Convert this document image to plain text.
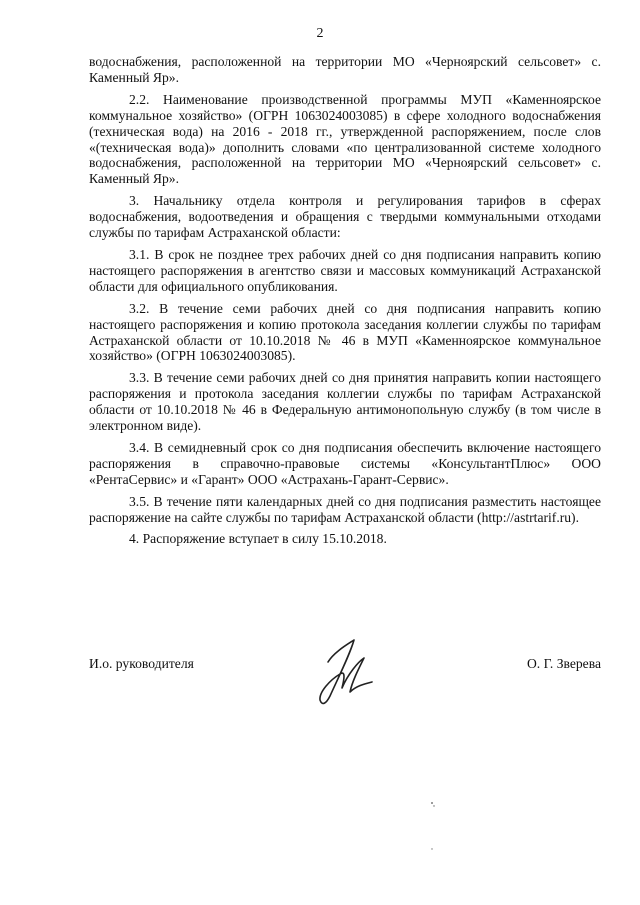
2

водоснабжения, расположенной на территории МО «Черноярский сельсовет» с. Каменный Яр».

2.2. Наименование производственной программы МУП «Каменноярское коммунальное хозяйство» (ОГРН 1063024003085) в сфере холодного водоснабжения (техническая вода) на 2016 - 2018 гг., утвержденной распоряжением, после слов «(техническая вода)» дополнить словами «по централизованной системе холодного водоснабжения, расположенной на территории МО «Черноярский сельсовет» с. Каменный Яр».

3. Начальнику отдела контроля и регулирования тарифов в сферах водоснабжения, водоотведения и обращения с твердыми коммунальными отходами службы по тарифам Астраханской области:

3.1. В срок не позднее трех рабочих дней со дня подписания направить копию настоящего распоряжения в агентство связи и массовых коммуникаций Астраханской области для официального опубликования.

3.2. В течение семи рабочих дней со дня подписания направить копию настоящего распоряжения и копию протокола заседания коллегии службы по тарифам Астраханской области от 10.10.2018 № 46 в МУП «Каменноярское коммунальное хозяйство» (ОГРН 1063024003085).

3.3. В течение семи рабочих дней со дня принятия направить копии настоящего распоряжения и протокола заседания коллегии службы по тарифам Астраханской области от 10.10.2018 № 46 в Федеральную антимонопольную службу (в том числе в электронном виде).

3.4. В семидневный срок со дня подписания обеспечить включение настоящего распоряжения в справочно-правовые системы «КонсультантПлюс» ООО «РентаСервис» и «Гарант» ООО «Астрахань-Гарант-Сервис».

3.5. В течение пяти календарных дней со дня подписания разместить настоящее распоряжение на сайте службы по тарифам Астраханской области (http://astrtarif.ru).

4. Распоряжение вступает в силу 15.10.2018.

И.о. руководителя	О. Г. Зверева
